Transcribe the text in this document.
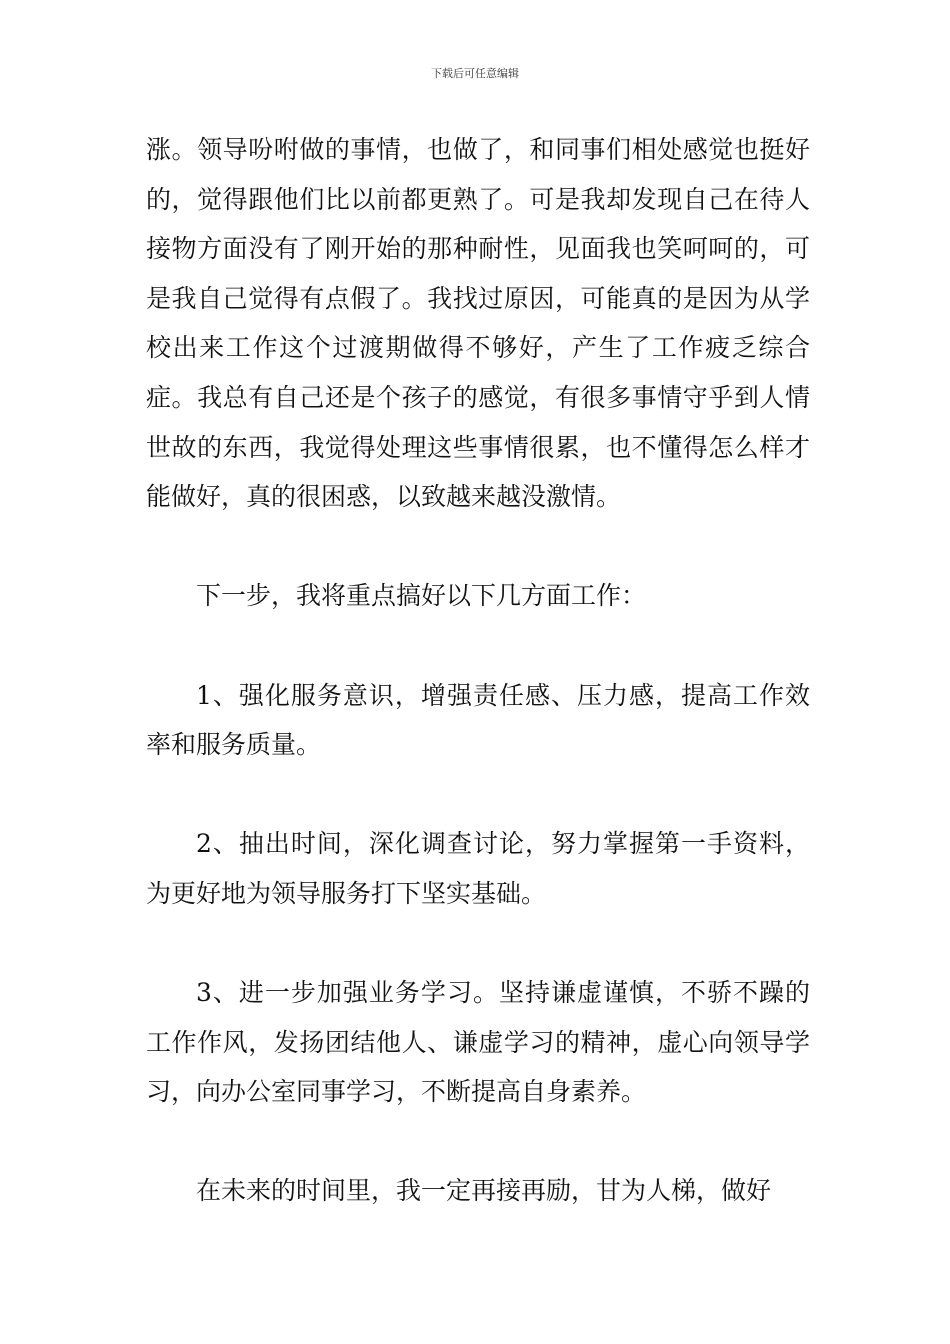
下载后可任意编辑

涨。领导吩咐做的事情，也做了，和同事们相处感觉也挺好的，觉得跟他们比以前都更熟了。可是我却发现自己在待人接物方面没有了刚开始的那种耐性，见面我也笑呵呵的，可是我自己觉得有点假了。我找过原因，可能真的是因为从学校出来工作这个过渡期做得不够好，产生了工作疲乏综合症。我总有自己还是个孩子的感觉，有很多事情守乎到人情世故的东西，我觉得处理这些事情很累，也不懂得怎么样才能做好，真的很困惑，以致越来越没激情。

下一步，我将重点搞好以下几方面工作：

1、强化服务意识，增强责任感、压力感，提高工作效率和服务质量。

2、抽出时间，深化调查讨论，努力掌握第一手资料，为更好地为领导服务打下坚实基础。

3、进一步加强业务学习。坚持谦虚谨慎，不骄不躁的工作作风，发扬团结他人、谦虚学习的精神，虚心向领导学习，向办公室同事学习，不断提高自身素养。

在未来的时间里，我一定再接再励，甘为人梯，做好
